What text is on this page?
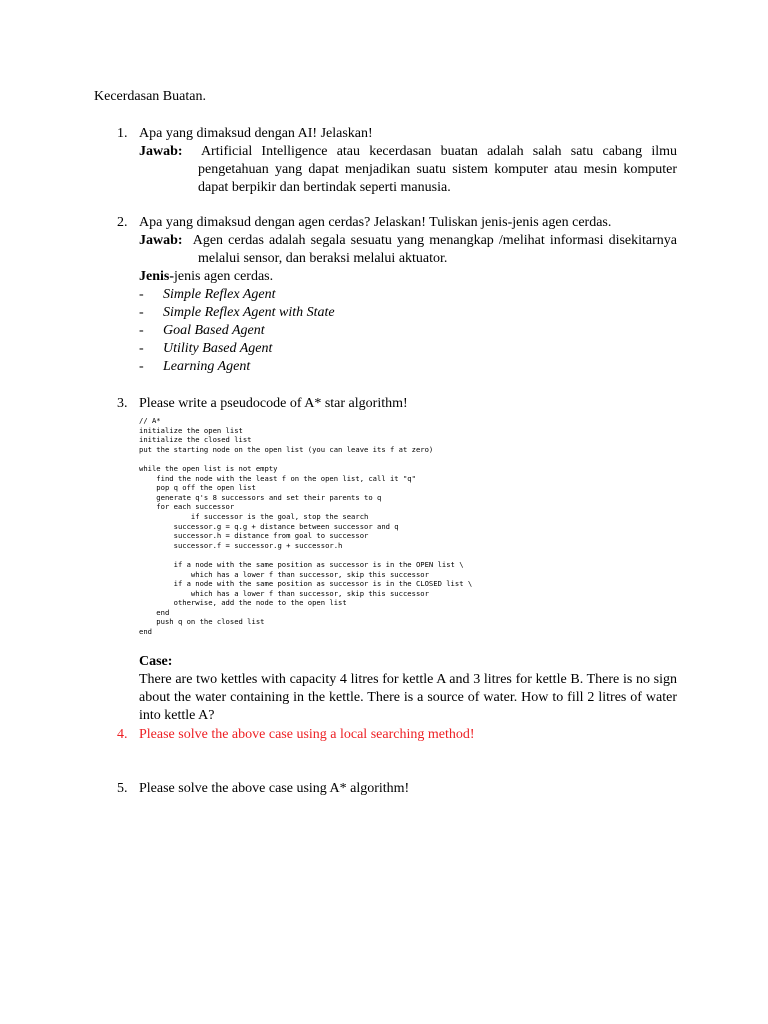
Kecerdasan Buatan.
1. Apa yang dimaksud dengan AI! Jelaskan!
Jawab: Artificial Intelligence atau kecerdasan buatan adalah salah satu cabang ilmu pengetahuan yang dapat menjadikan suatu sistem komputer atau mesin komputer dapat berpikir dan bertindak seperti manusia.
2. Apa yang dimaksud dengan agen cerdas? Jelaskan! Tuliskan jenis-jenis agen cerdas.
Jawab: Agen cerdas adalah segala sesuatu yang menangkap /melihat informasi disekitarnya melalui sensor, dan beraksi melalui aktuator.
Jenis-jenis agen cerdas.
- Simple Reflex Agent
- Simple Reflex Agent with State
- Goal Based Agent
- Utility Based Agent
- Learning Agent
3. Please write a pseudocode of A* star algorithm!
// A*
initialize the open list
initialize the closed list
put the starting node on the open list (you can leave its f at zero)

while the open list is not empty
find the node with the least f on the open list, call it "q"
pop q off the open list
generate q's 8 successors and set their parents to q
for each successor
if successor is the goal, stop the search
successor.g = q.g + distance between successor and q
successor.h = distance from goal to successor
successor.f = successor.g + successor.h

if a node with the same position as successor is in the OPEN list \
which has a lower f than successor, skip this successor
if a node with the same position as successor is in the CLOSED list \
which has a lower f than successor, skip this successor
otherwise, add the node to the open list
end
push q on the closed list
end
Case:
There are two kettles with capacity 4 litres for kettle A and 3 litres for kettle B. There is no sign about the water containing in the kettle. There is a source of water. How to fill 2 litres of water into kettle A?
4. Please solve the above case using a local searching method!
5. Please solve the above case using A* algorithm!
